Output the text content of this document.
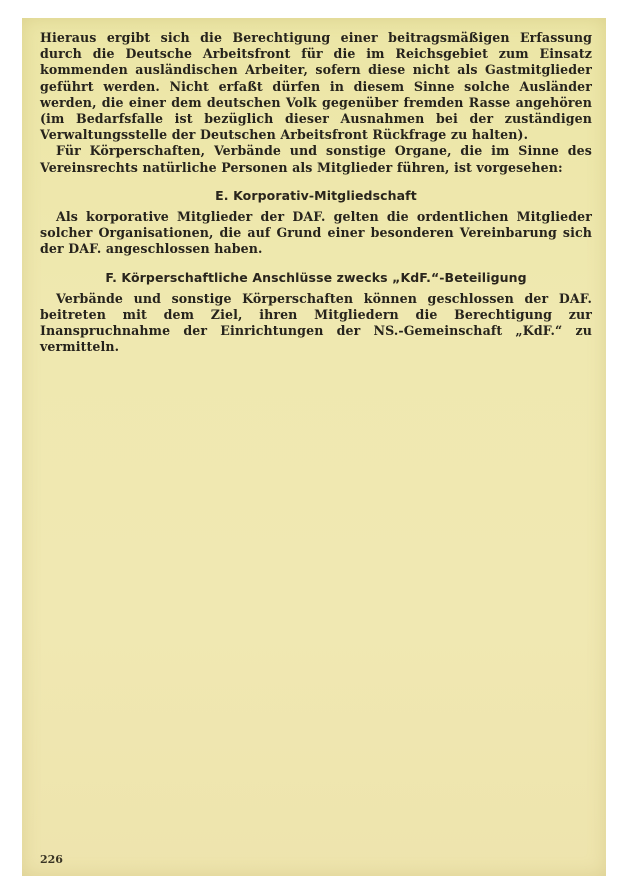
Hieraus ergibt sich die Berechtigung einer beitragsmäßigen Erfassung durch die Deutsche Arbeitsfront für die im Reichsgebiet zum Einsatz kommenden ausländischen Arbeiter, sofern diese nicht als Gastmitglieder geführt werden. Nicht erfaßt dürfen in diesem Sinne solche Ausländer werden, die einer dem deutschen Volk gegenüber fremden Rasse angehören (im Bedarfsfalle ist bezüglich dieser Ausnahmen bei der zuständigen Verwaltungsstelle der Deutschen Arbeitsfront Rückfrage zu halten).

Für Körperschaften, Verbände und sonstige Organe, die im Sinne des Vereinsrechts natürliche Personen als Mitglieder führen, ist vorgesehen:

E. Korporativ-Mitgliedschaft

Als korporative Mitglieder der DAF. gelten die ordentlichen Mitglieder solcher Organisationen, die auf Grund einer besonderen Vereinbarung sich der DAF. angeschlossen haben.

F. Körperschaftliche Anschlüsse zwecks „KdF.“-Beteiligung

Verbände und sonstige Körperschaften können geschlossen der DAF. beitreten mit dem Ziel, ihren Mitgliedern die Berechtigung zur Inanspruchnahme der Einrichtungen der NS.-Gemeinschaft „KdF.“ zu vermitteln.

226
